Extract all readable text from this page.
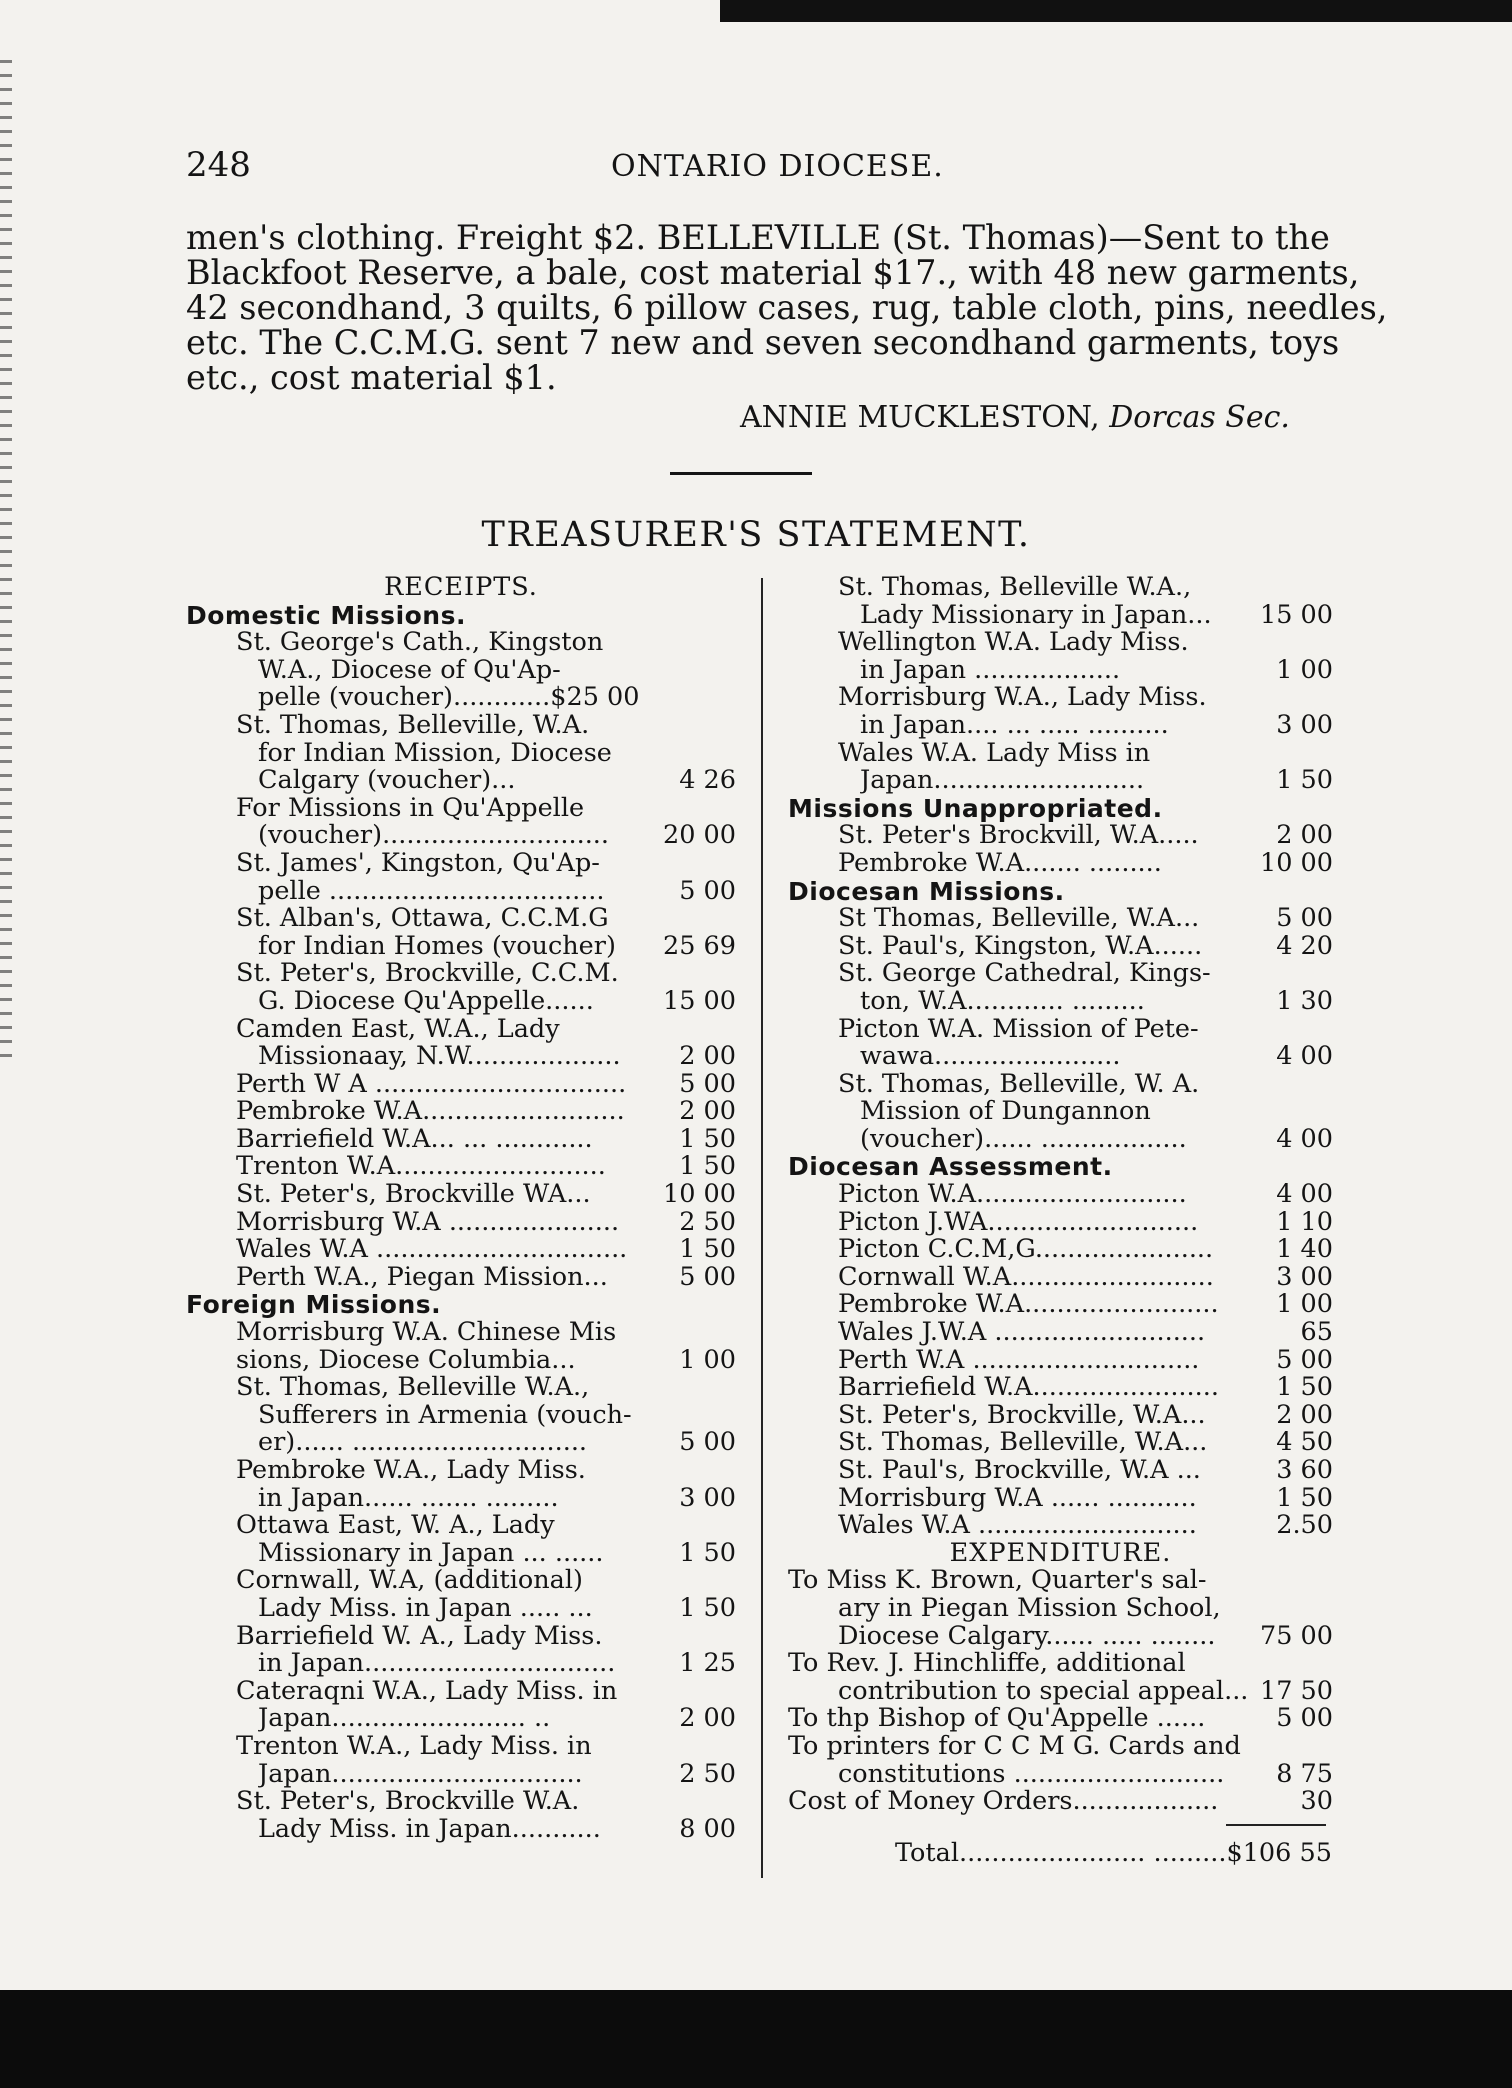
248	ONTARIO DIOCESE.
men's clothing. Freight $2. BELLEVILLE (St. Thomas)—Sent to the
Blackfoot Reserve, a bale, cost material $17., with 48 new garments,
42 secondhand, 3 quilts, 6 pillow cases, rug, table cloth, pins, needles,
etc. The C.C.M.G. sent 7 new and seven secondhand garments, toys
etc., cost material $1.
ANNIE MUCKLESTON, Dorcas Sec.
TREASURER'S STATEMENT.
RECEIPTS.
Domestic Missions.
St. George's Cath., Kingston
W.A., Diocese of Qu'Ap-
pelle (voucher)............$25 00
St. Thomas, Belleville, W.A.
for Indian Mission, Diocese
Calgary (voucher)...	4 26
For Missions in Qu'Appelle
(voucher)............................ 20 00
St. James', Kingston, Qu'Ap-
pelle ..................................	5 00
St. Alban's, Ottawa, C.C.M.G
for Indian Homes (voucher) 25 69
St. Peter's, Brockville, C.C.M.
G. Diocese Qu'Appelle......	15 00
Camden East, W.A., Lady
Missionaay, N.W................... 2 00
Perth W A ............................... 5 00
Pembroke W.A......................... 2 00
Barriefield W.A... ... ............	1 50
Trenton W.A..........................	1 50
St. Peter's, Brockville WA...	10 00
Morrisburg W.A ..................... 2 50
Wales W.A ............................... 1 50
Perth W.A., Piegan Mission...	5 00
Foreign Missions.
Morrisburg W.A. Chinese Mis
sions, Diocese Columbia...	1 00
St. Thomas, Belleville W.A.,
Sufferers in Armenia (vouch-
er)...... .............................	5 00
Pembroke W.A., Lady Miss.
in Japan...... ....... .........	3 00
Ottawa East, W. A., Lady
Missionary in Japan ... ......	1 50
Cornwall, W.A, (additional)
Lady Miss. in Japan ..... ...	1 50
Barriefield W. A., Lady Miss.
in Japan...............................	1 25
Cateraqni W.A., Lady Miss. in
Japan........................ ..	2 00
Trenton W.A., Lady Miss. in
Japan...............................	2 50
St. Peter's, Brockville W.A.
Lady Miss. in Japan...........	8 00
St. Thomas, Belleville W.A.,
Lady Missionary in Japan... 15 00
Wellington W.A. Lady Miss.
in Japan ..................	1 00
Morrisburg W.A., Lady Miss.
in Japan.... ... ..... ..........	3 00
Wales W.A. Lady Miss in
Japan..........................	1 50
Missions Unappropriated.
St. Peter's Brockvill, W.A.....	2 00
Pembroke W.A....... .........	10 00
Diocesan Missions.
St Thomas, Belleville, W.A...	5 00
St. Paul's, Kingston, W.A......	4 20
St. George Cathedral, Kings-
ton, W.A............ .........	1 30
Picton W.A. Mission of Pete-
wawa.......................	4 00
St. Thomas, Belleville, W. A.
Mission of Dungannon
(voucher)...... ..................	4 00
Diocesan Assessment.
Picton W.A..........................	4 00
Picton J.WA..........................	1 10
Picton C.C.M,G...................... 1 40
Cornwall W.A......................... 3 00
Pembroke W.A........................ 1 00
Wales J.W.A ..........................	65
Perth W.A ............................	5 00
Barriefield W.A....................... 1 50
St. Peter's, Brockville, W.A...	2 00
St. Thomas, Belleville, W.A...	4 50
St. Paul's, Brockville, W.A ...	3 60
Morrisburg W.A ...... ...........	1 50
Wales W.A ...........................	2.50
EXPENDITURE.
To Miss K. Brown, Quarter's sal-
ary in Piegan Mission School,
Diocese Calgary...... ..... ........ 75 00
To Rev. J. Hinchliffe, additional
contribution to special appeal... 17 50
To thp Bishop of Qu'Appelle ......	5 00
To printers for C C M G. Cards and
constitutions .......................... 8 75
Cost of Money Orders..................	30
Total....................... .........$106 55
